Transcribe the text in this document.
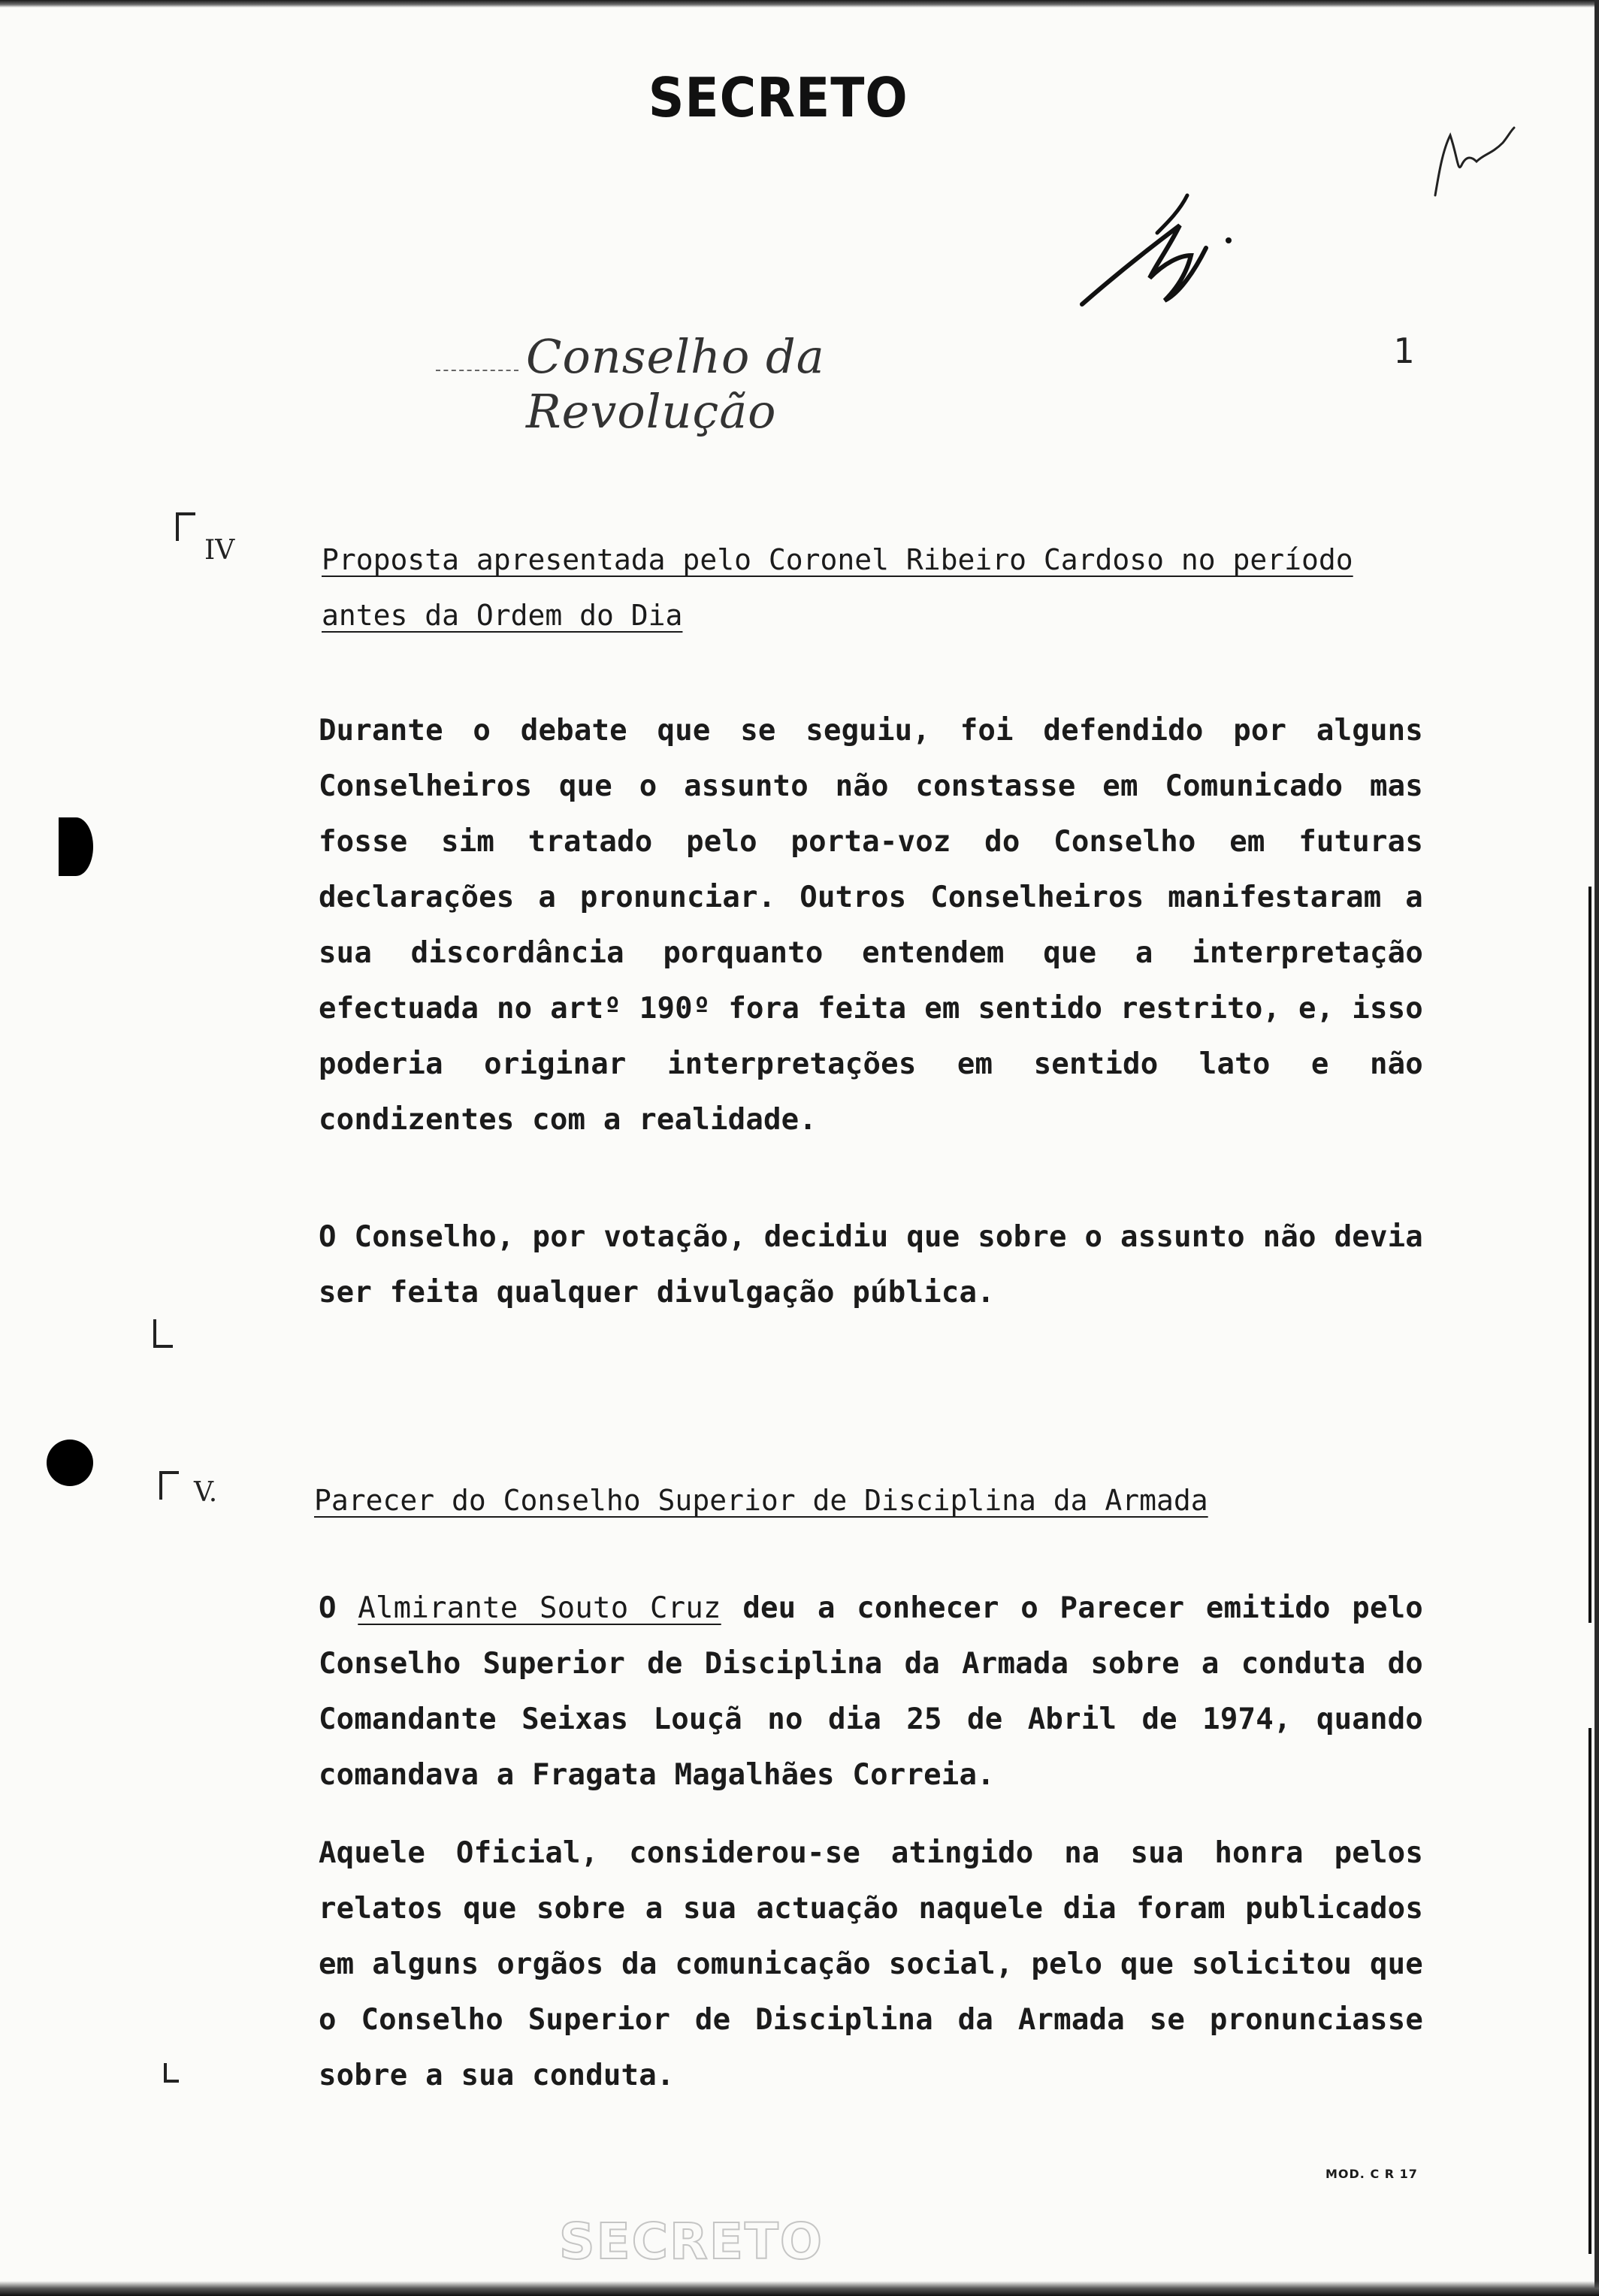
SECRETO
Conselho da Revolução
1
IV	Proposta apresentada pelo Coronel Ribeiro Cardoso no período antes da Ordem do Dia

Durante o debate que se seguiu, foi defendido por alguns Conselheiros que o assunto não constasse em Comunicado mas fosse sim tratado pelo porta-voz do Conselho em futuras declarações a pronunciar. Outros Conselheiros manifestaram a sua discordância porquanto entendem que a interpretação efectuada no artº 190º fora feita em sentido restrito, e, isso poderia originar interpretações em sentido lato e não condizentes com a realidade.

O Conselho, por votação, decidiu que sobre o assunto não devia ser feita qualquer divulgação pública.

V.	Parecer do Conselho Superior de Disciplina da Armada

O Almirante Souto Cruz deu a conhecer o Parecer emitido pelo Conselho Superior de Disciplina da Armada sobre a conduta do Comandante Seixas Louçã no dia 25 de Abril de 1974, quando comandava a Fragata Magalhães Correia.

Aquele Oficial, considerou-se atingido na sua honra pelos relatos que sobre a sua actuação naquele dia foram publicados em alguns orgãos da comunicação social, pelo que solicitou que o Conselho Superior de Disciplina da Armada se pronunciasse sobre a sua conduta.

MOD. C R 17
SECRETO
